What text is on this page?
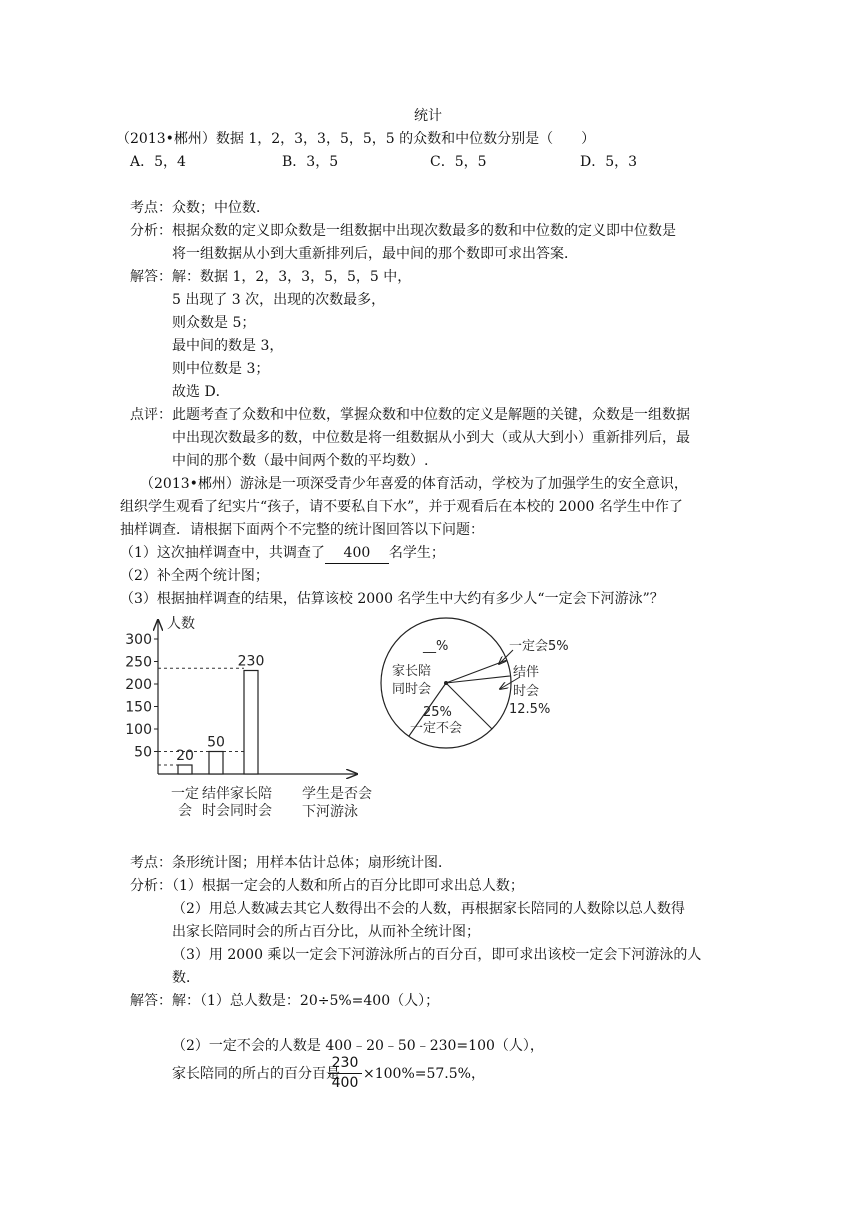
统计
（2013•郴州）数据 1，2，3，3，5，5，5 的众数和中位数分别是（　　）
A．5，4	B．3，5	C．5，5	D．5，3
考点：众数；中位数．
分析：根据众数的定义即众数是一组数据中出现次数最多的数和中位数的定义即中位数是
将一组数据从小到大重新排列后，最中间的那个数即可求出答案．
解答：解：数据 1，2，3，3，5，5，5 中，
5 出现了 3 次，出现的次数最多，
则众数是 5；
最中间的数是 3，
则中位数是 3；
故选 D．
点评：此题考查了众数和中位数，掌握众数和中位数的定义是解题的关键，众数是一组数据
中出现次数最多的数，中位数是将一组数据从小到大（或从大到小）重新排列后，最
中间的那个数（最中间两个数的平均数）.
（2013•郴州）游泳是一项深受青少年喜爱的体育活动，学校为了加强学生的安全意识，
组织学生观看了纪实片“孩子，请不要私自下水”，并于观看后在本校的 2000 名学生中作了
抽样调查．请根据下面两个不完整的统计图回答以下问题：
（1）这次抽样调查中，共调查了 400 名学生；
（2）补全两个统计图；
（3）根据抽样调查的结果，估算该校 2000 名学生中大约有多少人“一定会下河游泳”？
人数
50
100
150
200
250
300
20
50
230
一定
会
结伴
时会
家长陪
同时会
学生是否会
下河游泳
__%	一定会5%
结伴
时会
12.5%
家长陪
同时会
25%
一定不会
考点：条形统计图；用样本估计总体；扇形统计图．
分析：（1）根据一定会的人数和所占的百分比即可求出总人数；
（2）用总人数减去其它人数得出不会的人数，再根据家长陪同的人数除以总人数得
出家长陪同时会的所占百分比，从而补全统计图；
（3）用 2000 乘以一定会下河游泳所占的百分百，即可求出该校一定会下河游泳的人
数．
解答：解：（1）总人数是：20÷5%=400（人）；
（2）一定不会的人数是 400﹣20﹣50﹣230=100（人），
家长陪同的所占的百分百是
230
400
×100%=57.5%，
